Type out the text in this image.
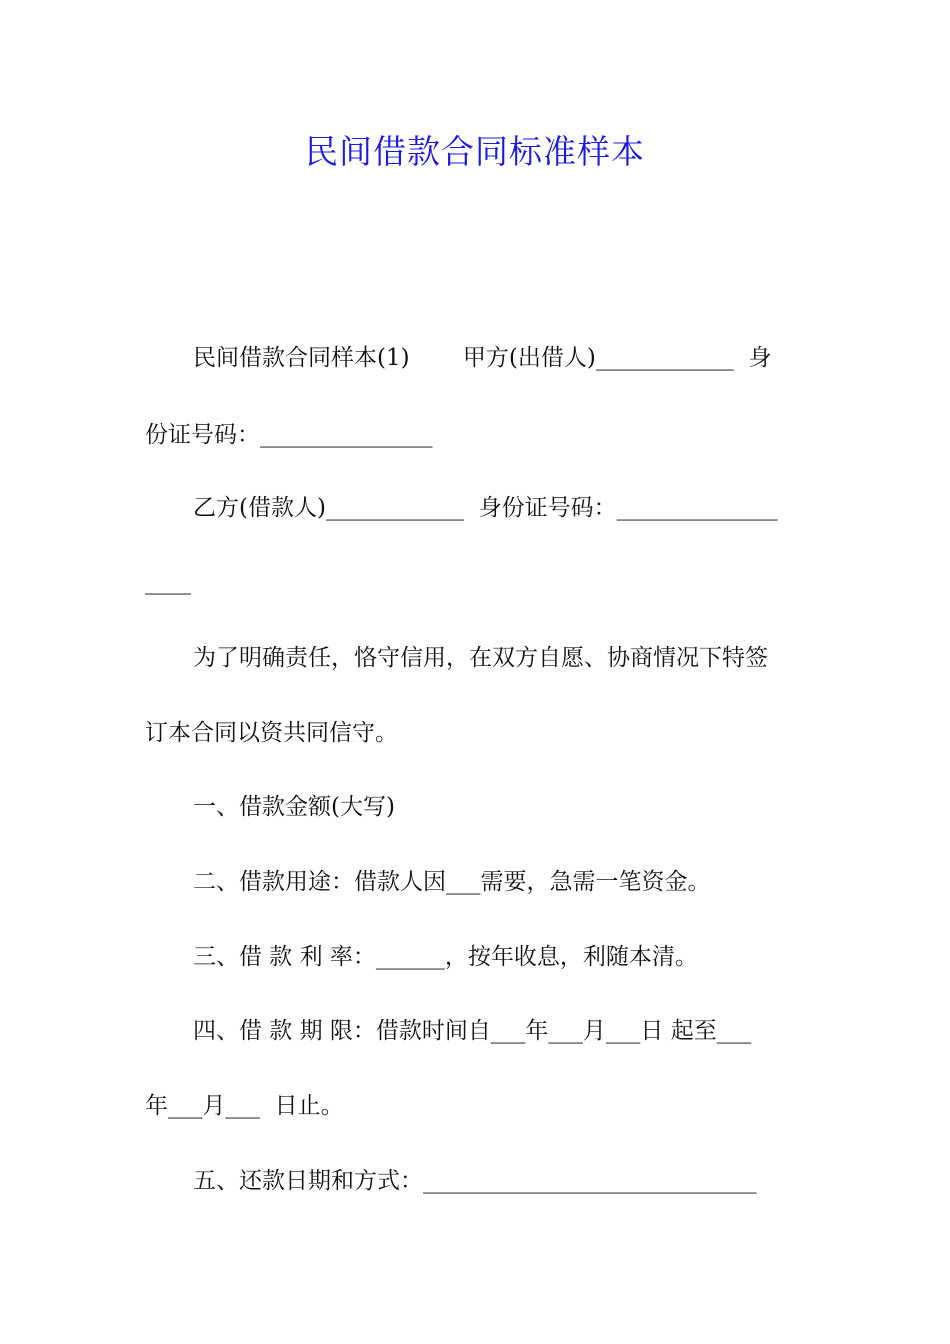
民间借款合同标准样本
民间借款合同样本(1)　　 甲方(出借人)____________  身
份证号码：_______________
乙方(借款人)____________  身份证号码：______________
____
为了明确责任，恪守信用，在双方自愿、协商情况下特签
订本合同以资共同信守。
一、借款金额(大写)
二、借款用途：借款人因___需要，急需一笔资金。
三、借 款 利 率：______，按年收息，利随本清。
四、借 款 期 限：借款时间自___年___月___日 起至___
年___月___  日止。
五、还款日期和方式：_____________________________
